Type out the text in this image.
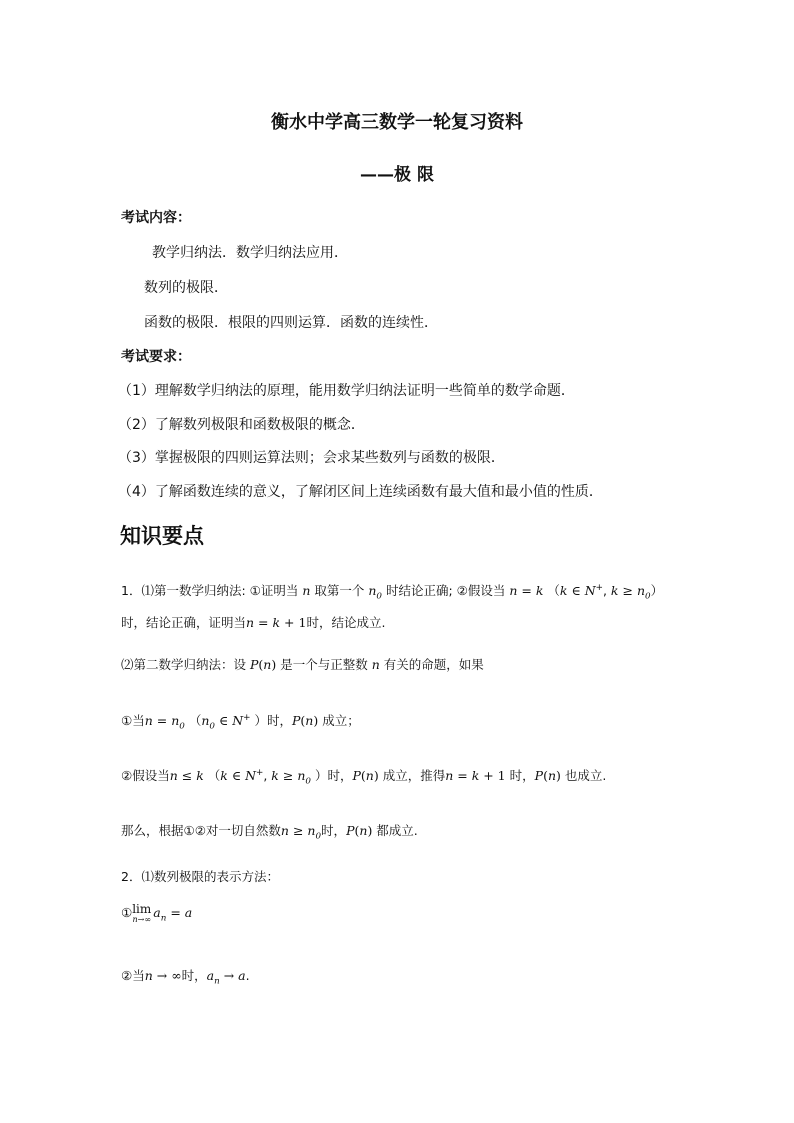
衡水中学高三数学一轮复习资料
——极 限
考试内容：
教学归纳法．数学归纳法应用．
数列的极限．
函数的极限．根限的四则运算．函数的连续性．
考试要求：
（1）理解数学归纳法的原理，能用数学归纳法证明一些简单的数学命题．
（2）了解数列极限和函数极限的概念．
（3）掌握极限的四则运算法则；会求某些数列与函数的极限．
（4）了解函数连续的意义，了解闭区间上连续函数有最大值和最小值的性质．
知识要点
1．⑴第一数学归纳法: ①证明当 n 取第一个 $n_0$ 时结论正确; ②假设当 n = k （k ∈ N+, $k \ge n_0$）
时，结论正确，证明当n = k + 1时，结论成立.
⑵第二数学归纳法：设 P(n) 是一个与正整数 n 有关的命题，如果
①当$n = n_0$ （$n_0$ ∈ N+ ）时，P(n) 成立；
②假设当n ≤ k （k ∈ N+, $k \ge n_0$ ）时，P(n) 成立，推得n = k + 1 时，P(n) 也成立.
那么，根据①②对一切自然数$n \ge n_0$时，P(n) 都成立.
2．⑴数列极限的表示方法：
① lim
n→∞ $a_n = a$
②当n → ∞时，$a_n \to a$.
